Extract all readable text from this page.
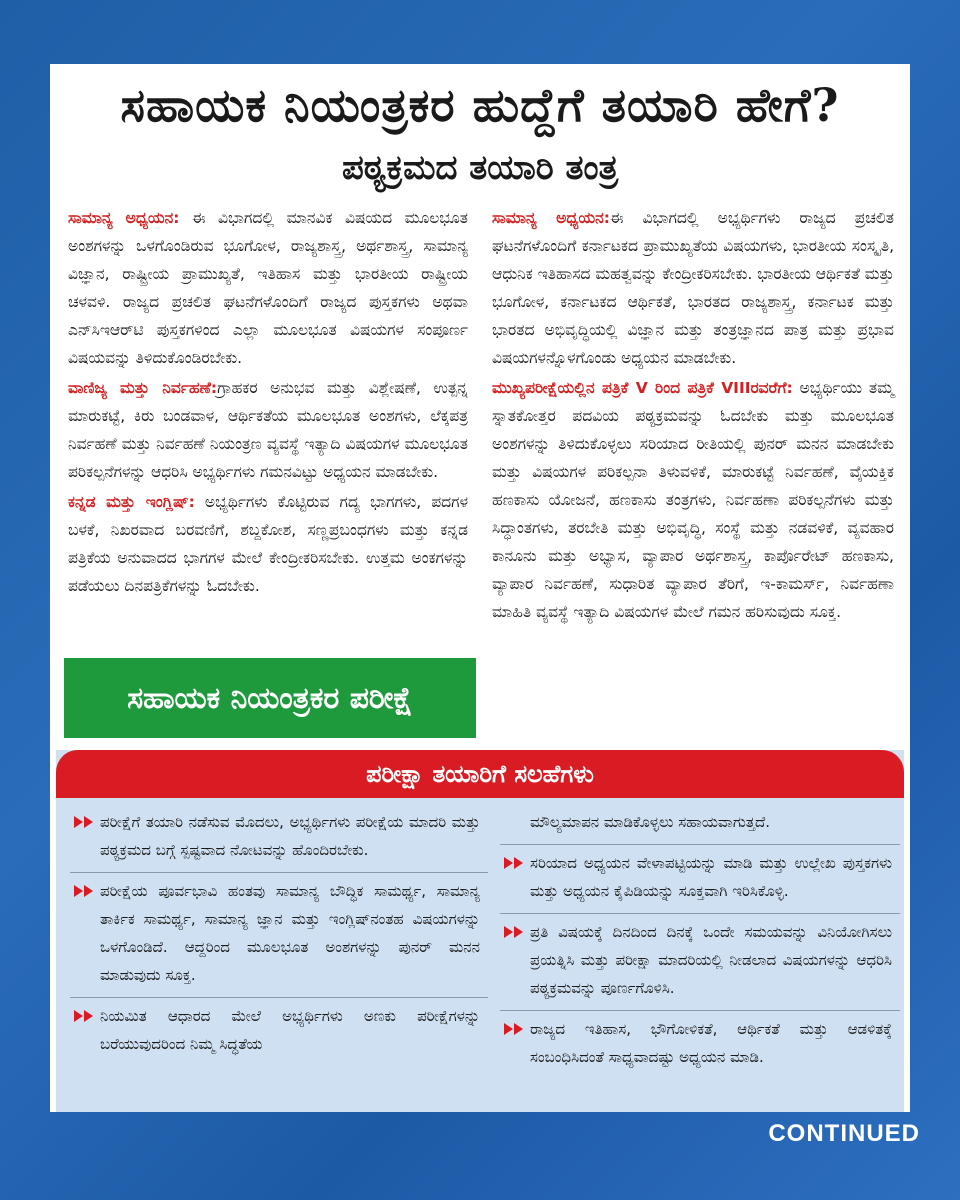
ಸಹಾಯಕ ನಿಯಂತ್ರಕರ ಹುದ್ದೆಗೆ ತಯಾರಿ ಹೇಗೆ?
ಪಠ್ಯಕ್ರಮದ ತಯಾರಿ ತಂತ್ರ

ಸಾಮಾನ್ಯ ಅಧ್ಯಯನ: ಈ ವಿಭಾಗದಲ್ಲಿ ಮಾನವಿಕ ವಿಷಯದ ಮೂಲಭೂತ ಅಂಶಗಳನ್ನು ಒಳಗೊಂಡಿರುವ ಭೂಗೋಳ, ರಾಜ್ಯಶಾಸ್ತ್ರ, ಅರ್ಥಶಾಸ್ತ್ರ, ಸಾಮಾನ್ಯ ವಿಜ್ಞಾನ, ರಾಷ್ಟ್ರೀಯ ಪ್ರಾಮುಖ್ಯತೆ, ಇತಿಹಾಸ ಮತ್ತು ಭಾರತೀಯ ರಾಷ್ಟ್ರೀಯ ಚಳವಳಿ. ರಾಜ್ಯದ ಪ್ರಚಲಿತ ಘಟನೆಗಳೊಂದಿಗೆ ರಾಜ್ಯದ ಪುಸ್ತಕಗಳು ಅಥವಾ ಎನ್‌ಸಿಇಆರ್‌ಟಿ ಪುಸ್ತಕಗಳಿಂದ ಎಲ್ಲಾ ಮೂಲಭೂತ ವಿಷಯಗಳ ಸಂಪೂರ್ಣ ವಿಷಯವನ್ನು ತಿಳಿದುಕೊಂಡಿರಬೇಕು.

ವಾಣಿಜ್ಯ ಮತ್ತು ನಿರ್ವಹಣೆ:ಗ್ರಾಹಕರ ಅನುಭವ ಮತ್ತು ವಿಶ್ಲೇಷಣೆ, ಉತ್ಪನ್ನ ಮಾರುಕಟ್ಟೆ, ಕಿರು ಬಂಡವಾಳ, ಆರ್ಥಿಕತೆಯ ಮೂಲಭೂತ ಅಂಶಗಳು, ಲೆಕ್ಕಪತ್ರ ನಿರ್ವಹಣೆ ಮತ್ತು ನಿರ್ವಹಣೆ ನಿಯಂತ್ರಣ ವ್ಯವಸ್ಥೆ ಇತ್ಯಾದಿ ವಿಷಯಗಳ ಮೂಲಭೂತ ಪರಿಕಲ್ಪನೆಗಳನ್ನು ಆಧರಿಸಿ ಅಭ್ಯರ್ಥಿಗಳು ಗಮನವಿಟ್ಟು ಅಧ್ಯಯನ ಮಾಡಬೇಕು.

ಕನ್ನಡ ಮತ್ತು ಇಂಗ್ಲಿಷ್: ಅಭ್ಯರ್ಥಿಗಳು ಕೊಟ್ಟಿರುವ ಗದ್ಯ ಭಾಗಗಳು, ಪದಗಳ ಬಳಕೆ, ನಿಖರವಾದ ಬರವಣಿಗೆ, ಶಬ್ದಕೋಶ, ಸಣ್ಣಪ್ರಬಂಧಗಳು ಮತ್ತು ಕನ್ನಡ ಪತ್ರಿಕೆಯ ಅನುವಾದದ ಭಾಗಗಳ ಮೇಲೆ ಕೇಂದ್ರೀಕರಿಸಬೇಕು. ಉತ್ತಮ ಅಂಕಗಳನ್ನು ಪಡೆಯಲು ದಿನಪತ್ರಿಕೆಗಳನ್ನು ಓದಬೇಕು.

ಸಹಾಯಕ ನಿಯಂತ್ರಕರ ಪರೀಕ್ಷೆ

ಸಾಮಾನ್ಯ ಅಧ್ಯಯನ:ಈ ವಿಭಾಗದಲ್ಲಿ ಅಭ್ಯರ್ಥಿಗಳು ರಾಜ್ಯದ ಪ್ರಚಲಿತ ಘಟನೆಗಳೊಂದಿಗೆ ಕರ್ನಾಟಕದ ಪ್ರಾಮುಖ್ಯತೆಯ ವಿಷಯಗಳು, ಭಾರತೀಯ ಸಂಸ್ಕೃತಿ, ಆಧುನಿಕ ಇತಿಹಾಸದ ಮಹತ್ವವನ್ನು ಕೇಂದ್ರೀಕರಿಸಬೇಕು. ಭಾರತೀಯ ಆರ್ಥಿಕತೆ ಮತ್ತು ಭೂಗೋಳ, ಕರ್ನಾಟಕದ ಆರ್ಥಿಕತೆ, ಭಾರತದ ರಾಜ್ಯಶಾಸ್ತ್ರ, ಕರ್ನಾಟಕ ಮತ್ತು ಭಾರತದ ಅಭಿವೃದ್ಧಿಯಲ್ಲಿ ವಿಜ್ಞಾನ ಮತ್ತು ತಂತ್ರಜ್ಞಾನದ ಪಾತ್ರ ಮತ್ತು ಪ್ರಭಾವ ವಿಷಯಗಳನ್ನೊಳಗೊಂಡು ಅಧ್ಯಯನ ಮಾಡಬೇಕು.

ಮುಖ್ಯಪರೀಕ್ಷೆಯಲ್ಲಿನ ಪತ್ರಿಕೆ V ರಿಂದ ಪತ್ರಿಕೆ VIIIರವರೆಗೆ: ಅಭ್ಯರ್ಥಿಯು ತಮ್ಮ ಸ್ನಾತಕೋತ್ತರ ಪದವಿಯ ಪಠ್ಯಕ್ರಮವನ್ನು ಓದಬೇಕು ಮತ್ತು ಮೂಲಭೂತ ಅಂಶಗಳನ್ನು ತಿಳಿದುಕೊಳ್ಳಲು ಸರಿಯಾದ ರೀತಿಯಲ್ಲಿ ಪುನರ್ ಮನನ ಮಾಡಬೇಕು ಮತ್ತು ವಿಷಯಗಳ ಪರಿಕಲ್ಪನಾ ತಿಳುವಳಿಕೆ, ಮಾರುಕಟ್ಟೆ ನಿರ್ವಹಣೆ, ವೈಯಕ್ತಿಕ ಹಣಕಾಸು ಯೋಜನೆ, ಹಣಕಾಸು ತಂತ್ರಗಳು, ನಿರ್ವಹಣಾ ಪರಿಕಲ್ಪನೆಗಳು ಮತ್ತು ಸಿದ್ಧಾಂತಗಳು, ತರಬೇತಿ ಮತ್ತು ಅಭಿವೃದ್ಧಿ, ಸಂಸ್ಥೆ ಮತ್ತು ನಡವಳಿಕೆ, ವ್ಯವಹಾರ ಕಾನೂನು ಮತ್ತು ಅಭ್ಯಾಸ, ವ್ಯಾಪಾರ ಅರ್ಥಶಾಸ್ತ್ರ, ಕಾರ್ಪೊರೇಟ್ ಹಣಕಾಸು, ವ್ಯಾಪಾರ ನಿರ್ವಹಣೆ, ಸುಧಾರಿತ ವ್ಯಾಪಾರ ತೆರಿಗೆ, ಇ-ಕಾಮರ್ಸ್, ನಿರ್ವಹಣಾ ಮಾಹಿತಿ ವ್ಯವಸ್ಥೆ ಇತ್ಯಾದಿ ವಿಷಯಗಳ ಮೇಲೆ ಗಮನ ಹರಿಸುವುದು ಸೂಕ್ತ.

ಪರೀಕ್ಷಾ ತಯಾರಿಗೆ ಸಲಹೆಗಳು
ಪರೀಕ್ಷೆಗೆ ತಯಾರಿ ನಡೆಸುವ ಮೊದಲು, ಅಭ್ಯರ್ಥಿಗಳು ಪರೀಕ್ಷೆಯ ಮಾದರಿ ಮತ್ತು ಪಠ್ಯಕ್ರಮದ ಬಗ್ಗೆ ಸ್ಪಷ್ಟವಾದ ನೋಟವನ್ನು ಹೊಂದಿರಬೇಕು.
ಪರೀಕ್ಷೆಯ ಪೂರ್ವಭಾವಿ ಹಂತವು ಸಾಮಾನ್ಯ ಬೌದ್ಧಿಕ ಸಾಮರ್ಥ್ಯ, ಸಾಮಾನ್ಯ ತಾರ್ಕಿಕ ಸಾಮರ್ಥ್ಯ, ಸಾಮಾನ್ಯ ಜ್ಞಾನ ಮತ್ತು ಇಂಗ್ಲಿಷ್‌ನಂತಹ ವಿಷಯಗಳನ್ನು ಒಳಗೊಂಡಿದೆ. ಆದ್ದರಿಂದ ಮೂಲಭೂತ ಅಂಶಗಳನ್ನು ಪುನರ್ ಮನನ ಮಾಡುವುದು ಸೂಕ್ತ.
ನಿಯಮಿತ ಆಧಾರದ ಮೇಲೆ ಅಭ್ಯರ್ಥಿಗಳು ಅಣಕು ಪರೀಕ್ಷೆಗಳನ್ನು ಬರೆಯುವುದರಿಂದ ನಿಮ್ಮ ಸಿದ್ಧತೆಯ
ಮೌಲ್ಯಮಾಪನ ಮಾಡಿಕೊಳ್ಳಲು ಸಹಾಯವಾಗುತ್ತದೆ.
ಸರಿಯಾದ ಅಧ್ಯಯನ ವೇಳಾಪಟ್ಟಿಯನ್ನು ಮಾಡಿ ಮತ್ತು ಉಲ್ಲೇಖ ಪುಸ್ತಕಗಳು ಮತ್ತು ಅಧ್ಯಯನ ಕೈಪಿಡಿಯನ್ನು ಸೂಕ್ತವಾಗಿ ಇರಿಸಿಕೊಳ್ಳಿ.
ಪ್ರತಿ ವಿಷಯಕ್ಕೆ ದಿನದಿಂದ ದಿನಕ್ಕೆ ಒಂದೇ ಸಮಯವನ್ನು ವಿನಿಯೋಗಿಸಲು ಪ್ರಯತ್ನಿಸಿ ಮತ್ತು ಪರೀಕ್ಷಾ ಮಾದರಿಯಲ್ಲಿ ನೀಡಲಾದ ವಿಷಯಗಳನ್ನು ಆಧರಿಸಿ ಪಠ್ಯಕ್ರಮವನ್ನು ಪೂರ್ಣಗೊಳಿಸಿ.
ರಾಜ್ಯದ ಇತಿಹಾಸ, ಭೌಗೋಳಿಕತೆ, ಆರ್ಥಿಕತೆ ಮತ್ತು ಆಡಳಿತಕ್ಕೆ ಸಂಬಂಧಿಸಿದಂತೆ ಸಾಧ್ಯವಾದಷ್ಟು ಅಧ್ಯಯನ ಮಾಡಿ.
CONTINUED
